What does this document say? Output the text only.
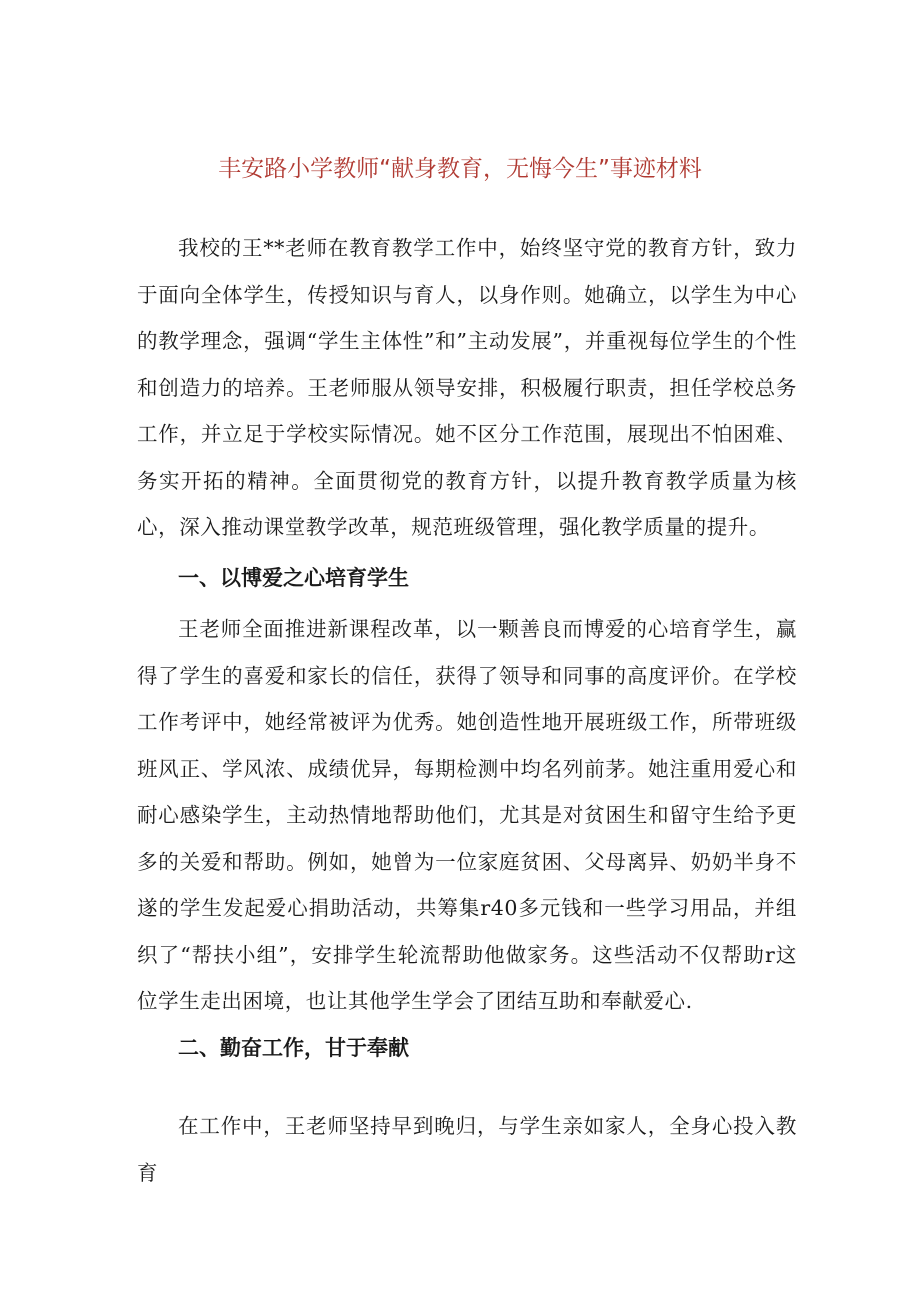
丰安路小学教师“献身教育，无悔今生”事迹材料

我校的王**老师在教育教学工作中，始终坚守党的教育方针，致力于面向全体学生，传授知识与育人，以身作则。她确立，以学生为中心的教学理念，强调“学生主体性”和”主动发展”，并重视每位学生的个性和创造力的培养。王老师服从领导安排，积极履行职责，担任学校总务工作，并立足于学校实际情况。她不区分工作范围，展现出不怕困难、务实开拓的精神。全面贯彻党的教育方针，以提升教育教学质量为核心，深入推动课堂教学改革，规范班级管理，强化教学质量的提升。

一、以博爱之心培育学生

王老师全面推进新课程改革，以一颗善良而博爱的心培育学生，赢得了学生的喜爱和家长的信任，获得了领导和同事的高度评价。在学校工作考评中，她经常被评为优秀。她创造性地开展班级工作，所带班级班风正、学风浓、成绩优异，每期检测中均名列前茅。她注重用爱心和耐心感染学生，主动热情地帮助他们，尤其是对贫困生和留守生给予更多的关爱和帮助。例如，她曾为一位家庭贫困、父母离异、奶奶半身不遂的学生发起爱心捐助活动，共筹集r40多元钱和一些学习用品，并组织了“帮扶小组”，安排学生轮流帮助他做家务。这些活动不仅帮助r这位学生走出困境，也让其他学生学会了团结互助和奉献爱心.

二、勤奋工作，甘于奉献

在工作中，王老师坚持早到晚归，与学生亲如家人，全身心投入教育
